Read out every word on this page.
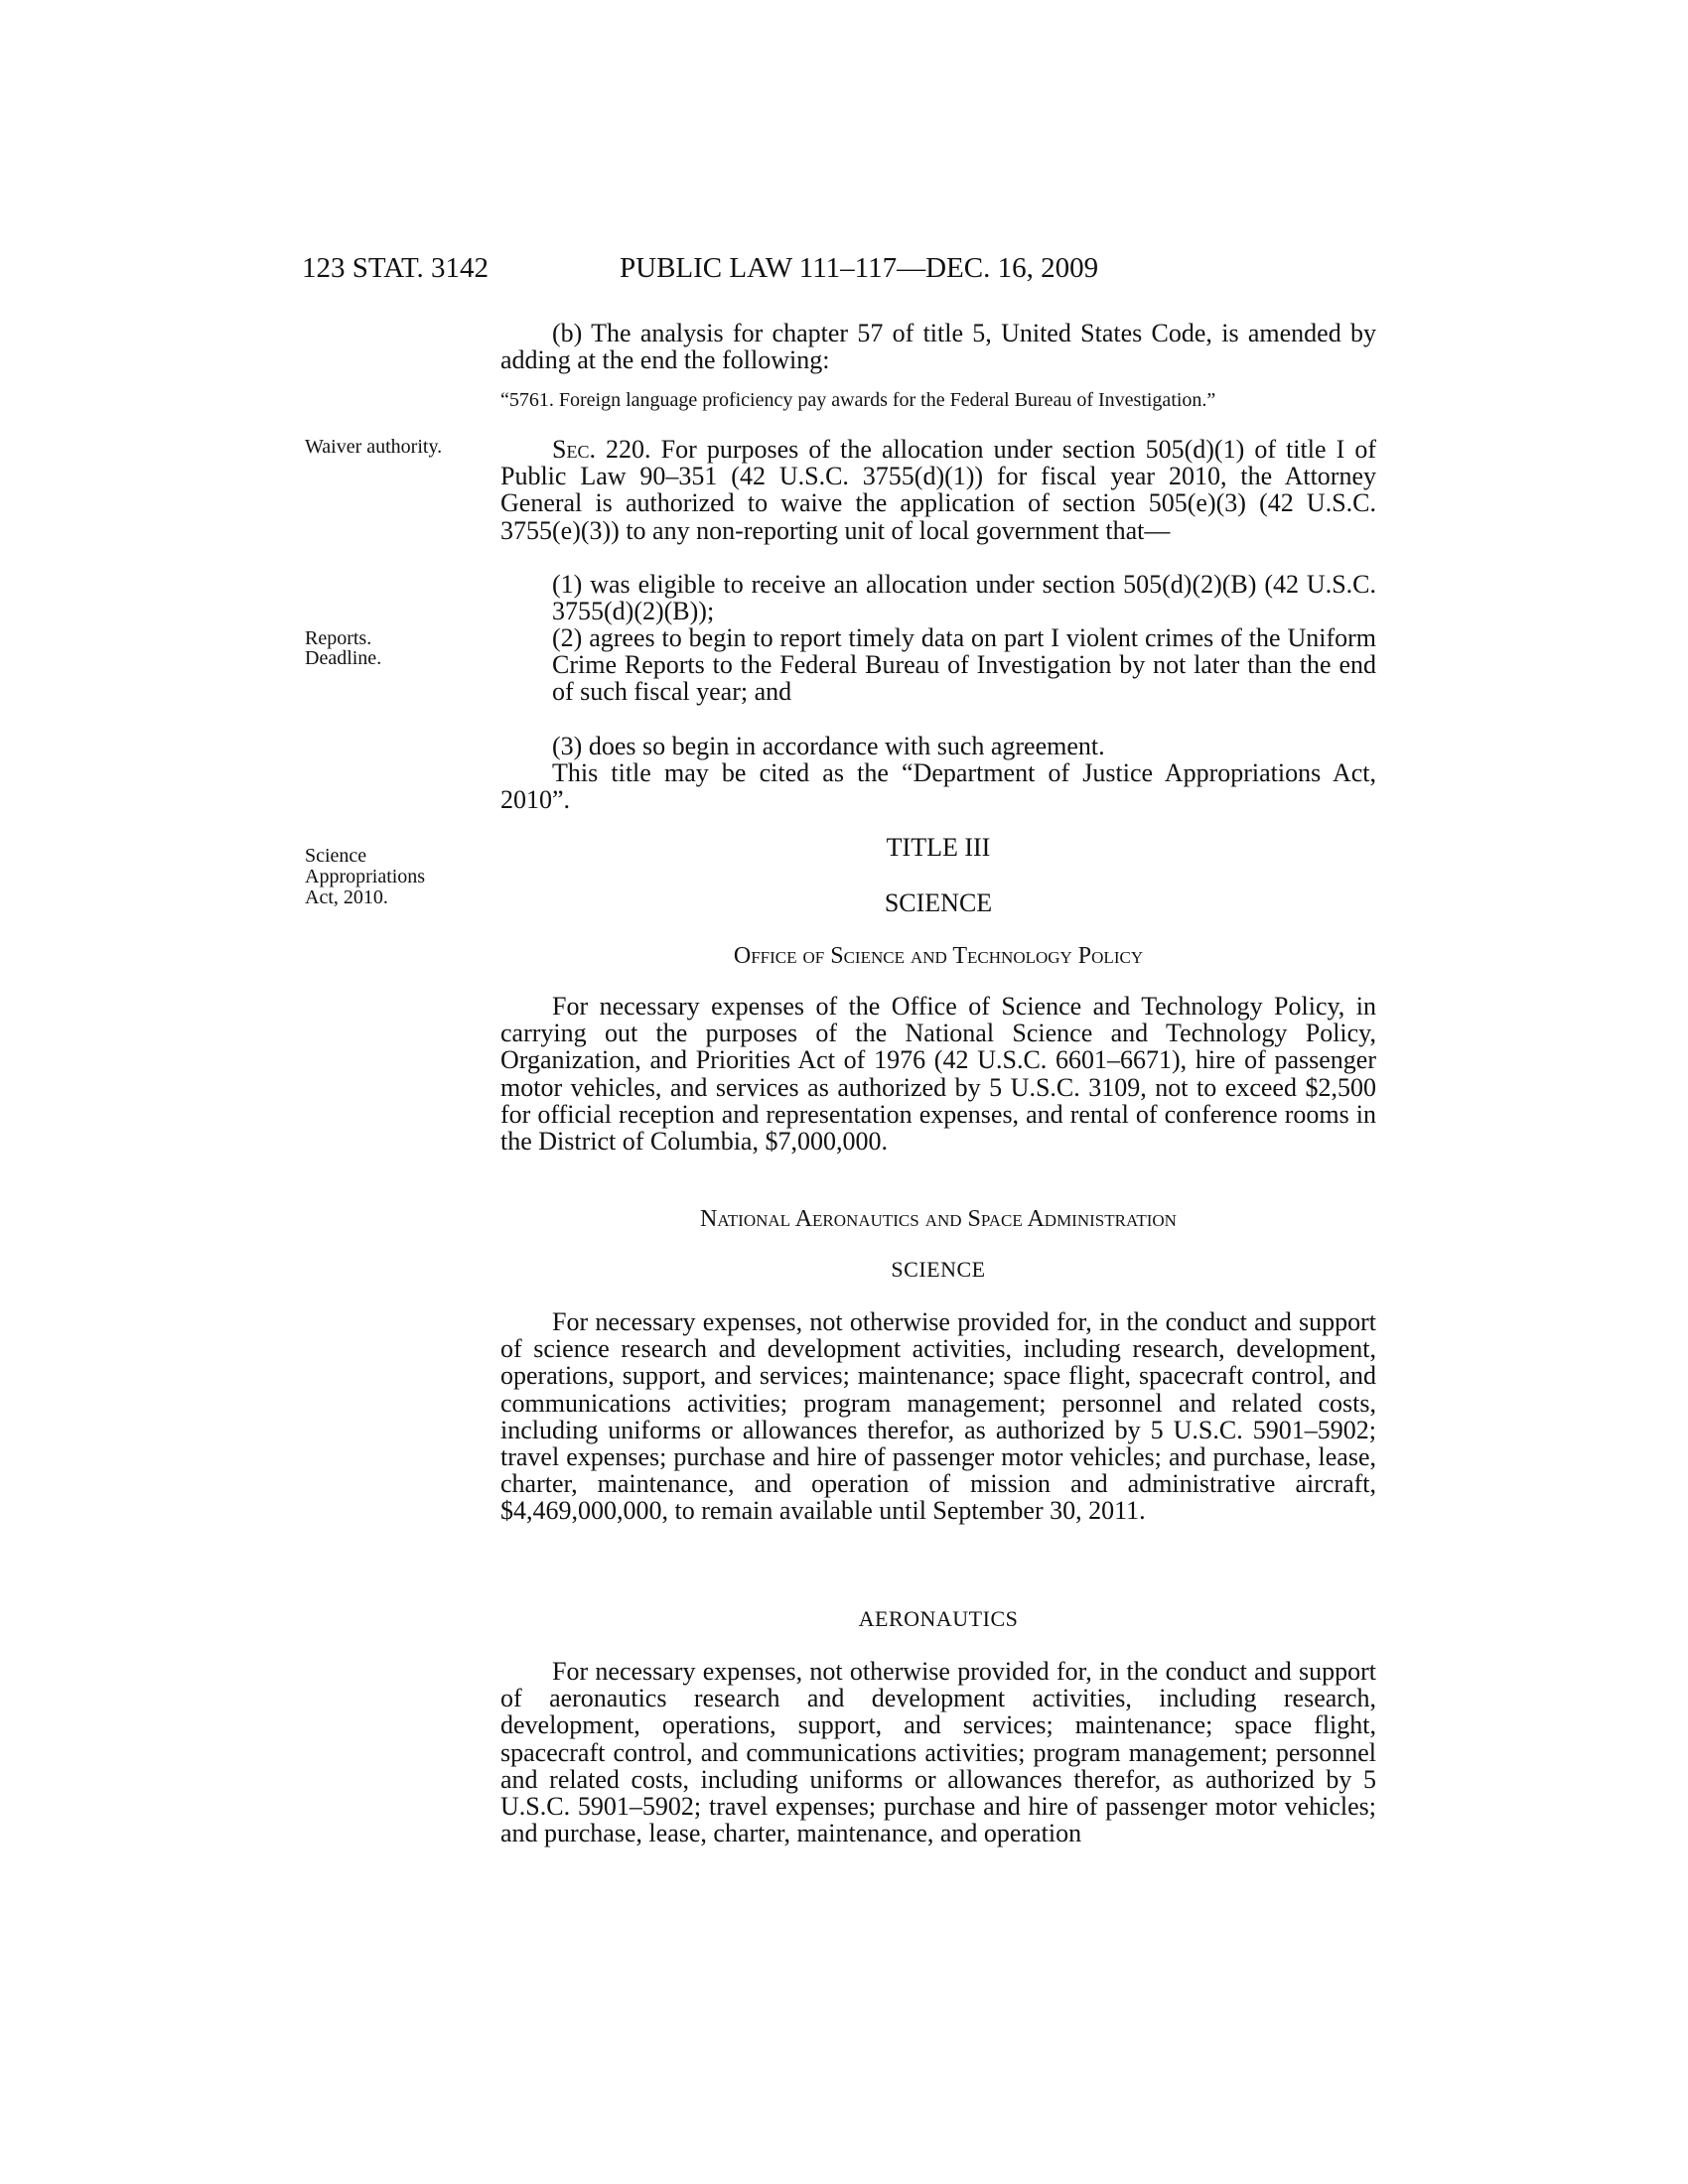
123 STAT. 3142	PUBLIC LAW 111–117—DEC. 16, 2009
Waiver authority.
Reports.
Deadline.
Science
Appropriations
Act, 2010.

(b) The analysis for chapter 57 of title 5, United States Code, is amended by adding at the end the following:

“5761. Foreign language proficiency pay awards for the Federal Bureau of Investigation.”

Sec. 220. For purposes of the allocation under section 505(d)(1) of title I of Public Law 90–351 (42 U.S.C. 3755(d)(1)) for fiscal year 2010, the Attorney General is authorized to waive the application of section 505(e)(3) (42 U.S.C. 3755(e)(3)) to any non-reporting unit of local government that—

(1) was eligible to receive an allocation under section 505(d)(2)(B) (42 U.S.C. 3755(d)(2)(B));

(2) agrees to begin to report timely data on part I violent crimes of the Uniform Crime Reports to the Federal Bureau of Investigation by not later than the end of such fiscal year; and

(3) does so begin in accordance with such agreement.

This title may be cited as the “Department of Justice Appropriations Act, 2010”.

TITLE III
SCIENCE
Office of Science and Technology Policy

For necessary expenses of the Office of Science and Technology Policy, in carrying out the purposes of the National Science and Technology Policy, Organization, and Priorities Act of 1976 (42 U.S.C. 6601–6671), hire of passenger motor vehicles, and services as authorized by 5 U.S.C. 3109, not to exceed $2,500 for official reception and representation expenses, and rental of conference rooms in the District of Columbia, $7,000,000.

National Aeronautics and Space Administration
SCIENCE

For necessary expenses, not otherwise provided for, in the conduct and support of science research and development activities, including research, development, operations, support, and services; maintenance; space flight, spacecraft control, and communications activities; program management; personnel and related costs, including uniforms or allowances therefor, as authorized by 5 U.S.C. 5901–5902; travel expenses; purchase and hire of passenger motor vehicles; and purchase, lease, charter, maintenance, and operation of mission and administrative aircraft, $4,469,000,000, to remain available until September 30, 2011.

AERONAUTICS

For necessary expenses, not otherwise provided for, in the conduct and support of aeronautics research and development activities, including research, development, operations, support, and services; maintenance; space flight, spacecraft control, and communications activities; program management; personnel and related costs, including uniforms or allowances therefor, as authorized by 5 U.S.C. 5901–5902; travel expenses; purchase and hire of passenger motor vehicles; and purchase, lease, charter, maintenance, and operation
